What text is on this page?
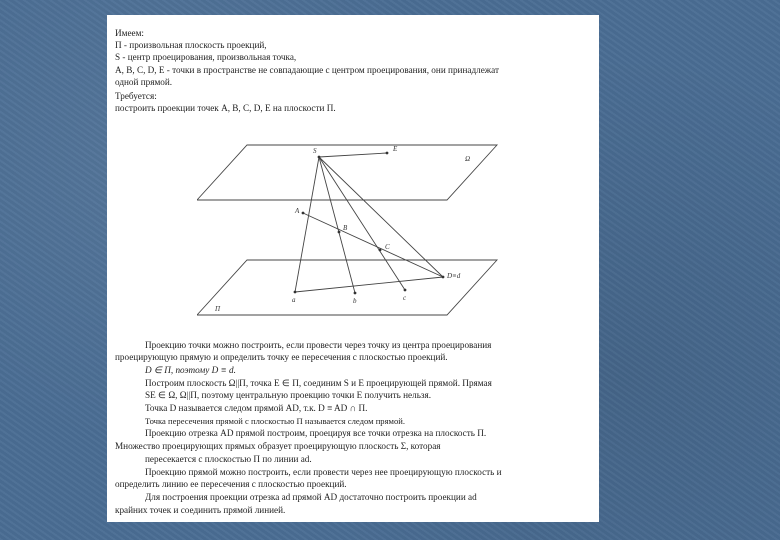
Имеем:
П - произвольная плоскость проекций,
S - центр проецирования, произвольная точка,
А, В, С, D, Е - точки в пространстве не совпадающие с центром проецирования, они принадлежат
одной прямой.
Требуется:
построить проекции точек А, В, С, D, Е на плоскости П.
S	E
Ω
A
B
C
D≡d
a	b	c
П
Проекцию точки можно построить, если провести через точку из центра проецирования
проецирующую прямую и определить точку ее пересечения с плоскостью проекций.
D ∈ П, поэтому D ≡ d.
Построим плоскость Ω||П, точка E ∈ П, соединим S и E проецирующей прямой. Прямая
SE ∈ Ω, Ω||П, поэтому центральную проекцию точки E получить нельзя.
Точка D называется следом прямой AD, т.к. D ≡ AD ∩ П.
Точка пересечения прямой с плоскостью П называется следом прямой.
Проекцию отрезка AD прямой построим, проецируя все точки отрезка на плоскость П.
Множество проецирующих прямых образует проецирующую плоскость Σ, которая
пересекается с плоскостью П по линии ad.
Проекцию прямой можно построить, если провести через нее проецирующую плоскость и
определить линию ее пересечения с плоскостью проекций.
Для построения проекции отрезка ad прямой AD достаточно построить проекции ad
крайних точек и соединить прямой линией.
